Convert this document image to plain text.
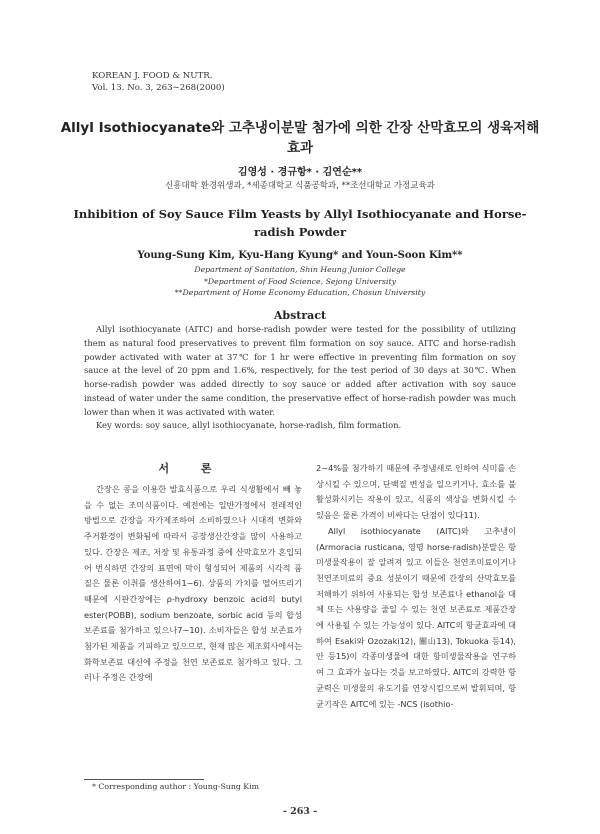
KOREAN J. FOOD & NUTR.
Vol. 13. No. 3, 263∼268(2000)
Allyl Isothiocyanate와 고추냉이분말 첨가에 의한 간장 산막효모의 생육저해 효과
김영성 · 경규항* · 김연순**
신흥대학 환경위생과, *세종대학교 식품공학과, **조선대학교 가정교육과
Inhibition of Soy Sauce Film Yeasts by Allyl Isothiocyanate and Horse-radish Powder
Young-Sung Kim, Kyu-Hang Kyung* and Youn-Soon Kim**
Department of Sanitation, Shin Heung Junior College
*Department of Food Science, Sejong University
**Department of Home Economy Education, Chosun University
Abstract

Allyl isothiocyanate (AITC) and horse-radish powder were tested for the possibility of utilizing them as natural food preservatives to prevent film formation on soy sauce. AITC and horse-radish powder activated with water at 37℃ for 1 hr were effective in preventing film formation on soy sauce at the level of 20 ppm and 1.6%, respectively, for the test period of 30 days at 30℃. When horse-radish powder was added directly to soy sauce or added after activation with soy sauce instead of water under the same condition, the preservative effect of horse-radish powder was much lower than when it was activated with water.

Key words: soy sauce, allyl isothiocyanate, horse-radish, film formation.
서 론

간장은 콩을 이용한 발효식품으로 우리 식생활에서 빼 놓을 수 없는 조미식품이다. 예전에는 일반가정에서 전래적인 방법으로 간장을 자가제조하여 소비하였으나 시대적 변화와 주거환경이 변화됨에 따라서 공장생산간장을 많이 사용하고 있다. 간장은 제조, 저장 및 유통과정 중에 산막효모가 혼입되어 번식하면 간장의 표면에 막이 형성되어 제품의 시각적 품질은 물론 이취를 생산하여1∼6). 상품의 가치를 떨어뜨리기 때문에 시판간장에는 ρ-hydroxy benzoic acid의 butyl ester(POBB), sodium benzoate, sorbic acid 등의 합성 보존료를 첨가하고 있으나7∼10). 소비자들은 합성 보존료가 첨가된 제품을 기피하고 있으므로, 현재 많은 제조회사에서는 화학보존료 대신에 주정을 천연 보존료로 첨가하고 있다. 그러나 주정은 간장에

2∼4%를 첨가하기 때문에 주정냄새로 인하여 식미를 손상시킬 수 있으며, 단백질 변성을 일으키거나, 효소를 불활성화시키는 작용이 있고, 식품의 색상을 변화시킬 수 있음은 물론 가격이 비싸다는 단점이 있다11).

Allyl isothiocyanate (AITC)와 고추냉이 (Armoracia rusticana, 영명 horse-radish)분말은 항미생물작용이 잘 알려져 있고 이들은 천연조미료이거나 천연조미료의 중요 성분이기 때문에 간장의 산막효모를 저해하기 위하여 사용되는 합성 보존료나 ethanol을 대체 또는 사용량을 줄일 수 있는 천연 보존료로 제품간장에 사용될 수 있는 가능성이 있다. AITC의 항균효과에 대하여 Esaki와 Ozozaki12), 關山13), Tokuoka 등14), 안 등15)이 각종미생물에 대한 항미생물작용을 연구하여 그 효과가 높다는 것을 보고하였다. AITC의 강력한 항균력은 미생물의 유도기를 연장시킴으로써 발휘되며, 항균기작은 AITC에 있는 -NCS (isothio-

* Corresponding author : Young-Sung Kim
- 263 -
